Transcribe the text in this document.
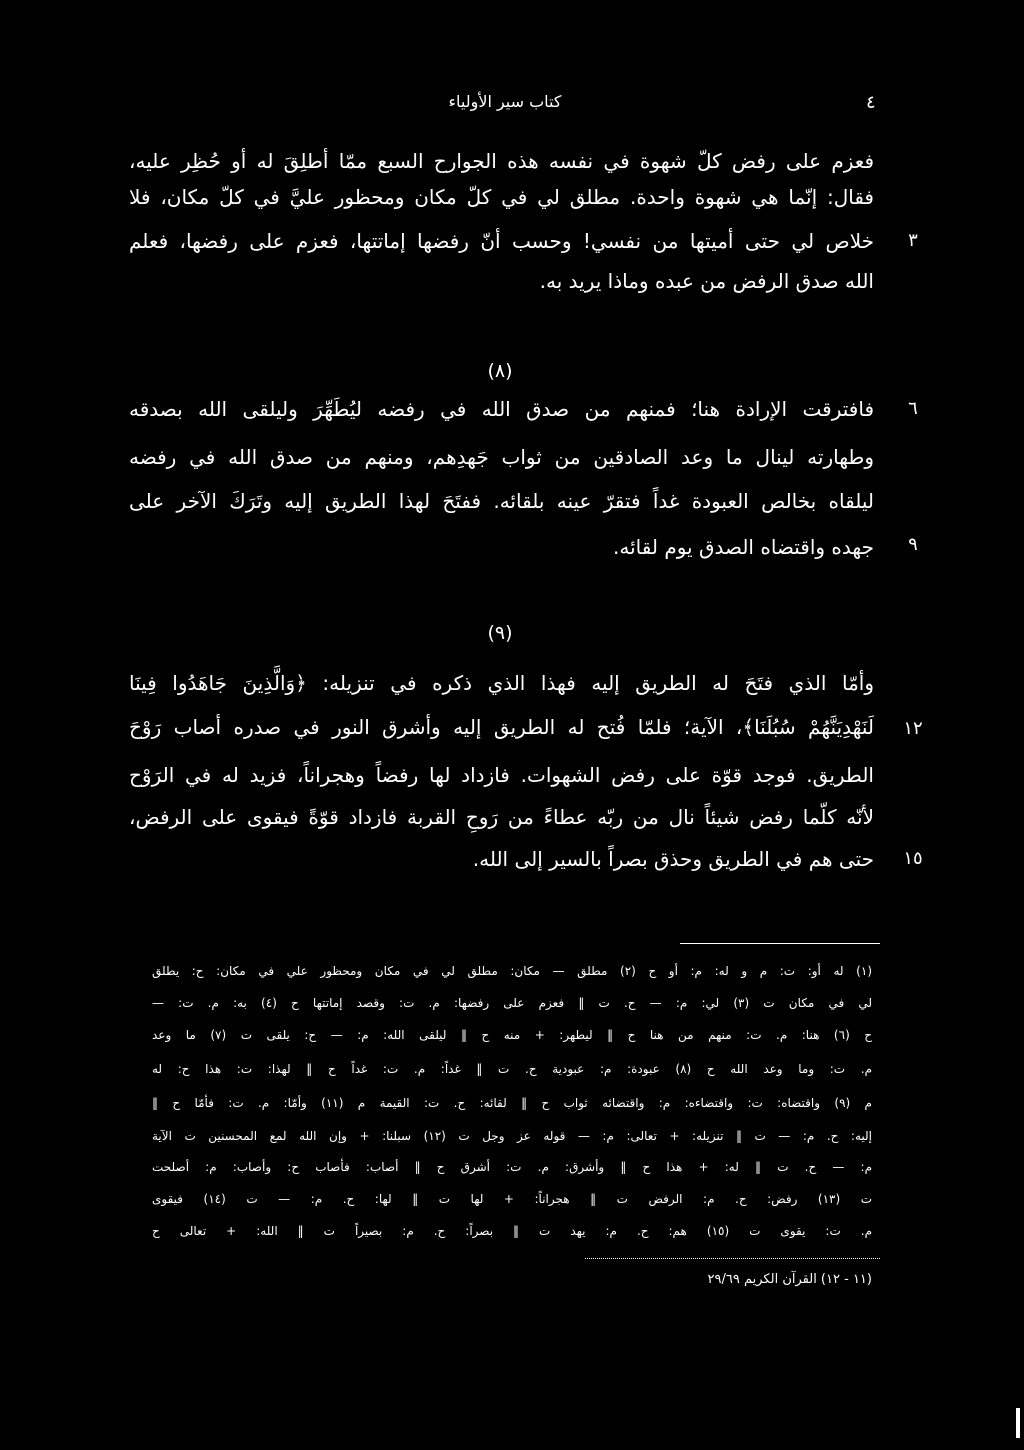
٤
كتاب سير الأولياء
فعزم على رفض كلّ شهوة في نفسه هذه الجوارح السبع ممّا أطلِقَ له أو حُظِر عليه،
فقال: إنّما هي شهوة واحدة. مطلق لي في كلّ مكان ومحظور عليَّ في كلّ مكان، فلا
خلاص لي حتى أميتها من نفسي! وحسب أنّ رفضها إماتتها، فعزم على رفضها، فعلم
الله صدق الرفض من عبده وماذا يريد به.
٣
(٨)
فافترقت الإرادة هنا؛ فمنهم من صدق الله في رفضه ليُطَهِّرَ وليلقى الله بصدقه
وطهارته لينال ما وعد الصادقين من ثواب جَهدِهم، ومنهم من صدق الله في رفضه
ليلقاه بخالص العبودة غداً فتقرّ عينه بلقائه. ففتَحَ لهذا الطريق إليه وتَرَكَ الآخر على
جهده واقتضاه الصدق يوم لقائه.
٦
٩
(٩)
وأمّا الذي فتَحَ له الطريق إليه فهذا الذي ذكره في تنزيله: ﴿وَالَّذِينَ جَاهَدُوا فِينَا
لَنَهْدِيَنَّهُمْ سُبُلَنَا﴾، الآية؛ فلمّا فُتح له الطريق إليه وأشرق النور في صدره أصاب رَوْحَ
الطريق. فوجد قوّة على رفض الشهوات. فازداد لها رفضاً وهجراناً، فزيد له في الرَوْح
لأنّه كلّما رفض شيئاً نال من ربّه عطاءً من رَوحِ القربة فازداد قوّةً فيقوى على الرفض،
حتى هم في الطريق وحذق بصراً بالسير إلى الله.
١٢
١٥
(١) له أو: ت: م و له: م: أو ح (٢) مطلق — مكان: مطلق لي في مكان ومحظور علي في مكان: ح: يطلق
لي في مكان ت (٣) لي: م: — ح. ت ‖ فعزم على رفضها: م. ت: وقصد إماتتها ح (٤) به: م. ت: —
ح (٦) هنا: م. ت: منهم من هنا ح ‖ ليطهر: + منه ح ‖ ليلقى الله: م: — ح: يلقى ت (٧) ما وعد
م. ت: وما وعد الله ح (٨) عبودة: م: عبودية ح. ت ‖ غداً: م. ت: غداً ح ‖ لهذا: ت: هذا ح: له
م (٩) واقتضاه: ت: واقتضاءه: م: واقتضائه ثواب ح ‖ لقائه: ح. ت: القيمة م (١١) وأمّا: م. ت: فأمّا ح ‖
إليه: ح. م: — ت ‖ تنزيله: + تعالى: م: — قوله عز وجل ت (١٢) سبلنا: + وإن الله لمع المحسنين ت الآية
م: — ح. ت ‖ له: + هذا ح ‖ وأشرق: م. ت: أشرق ح ‖ أصاب: فأصاب ح: وأصاب: م: أصلحت
ت (١٣) رفض: ح. م: الرفض ت ‖ هجراناً: + لها ت ‖ لها: ح. م: — ت (١٤) فيقوى
م. ت: يقوى ت (١٥) هم: ح. م: يهد ت ‖ بصراً: ح. م: بصيراً ت ‖ الله: + تعالى ح
(١١ - ١٢) القرآن الكريم ٢٩/٦٩
